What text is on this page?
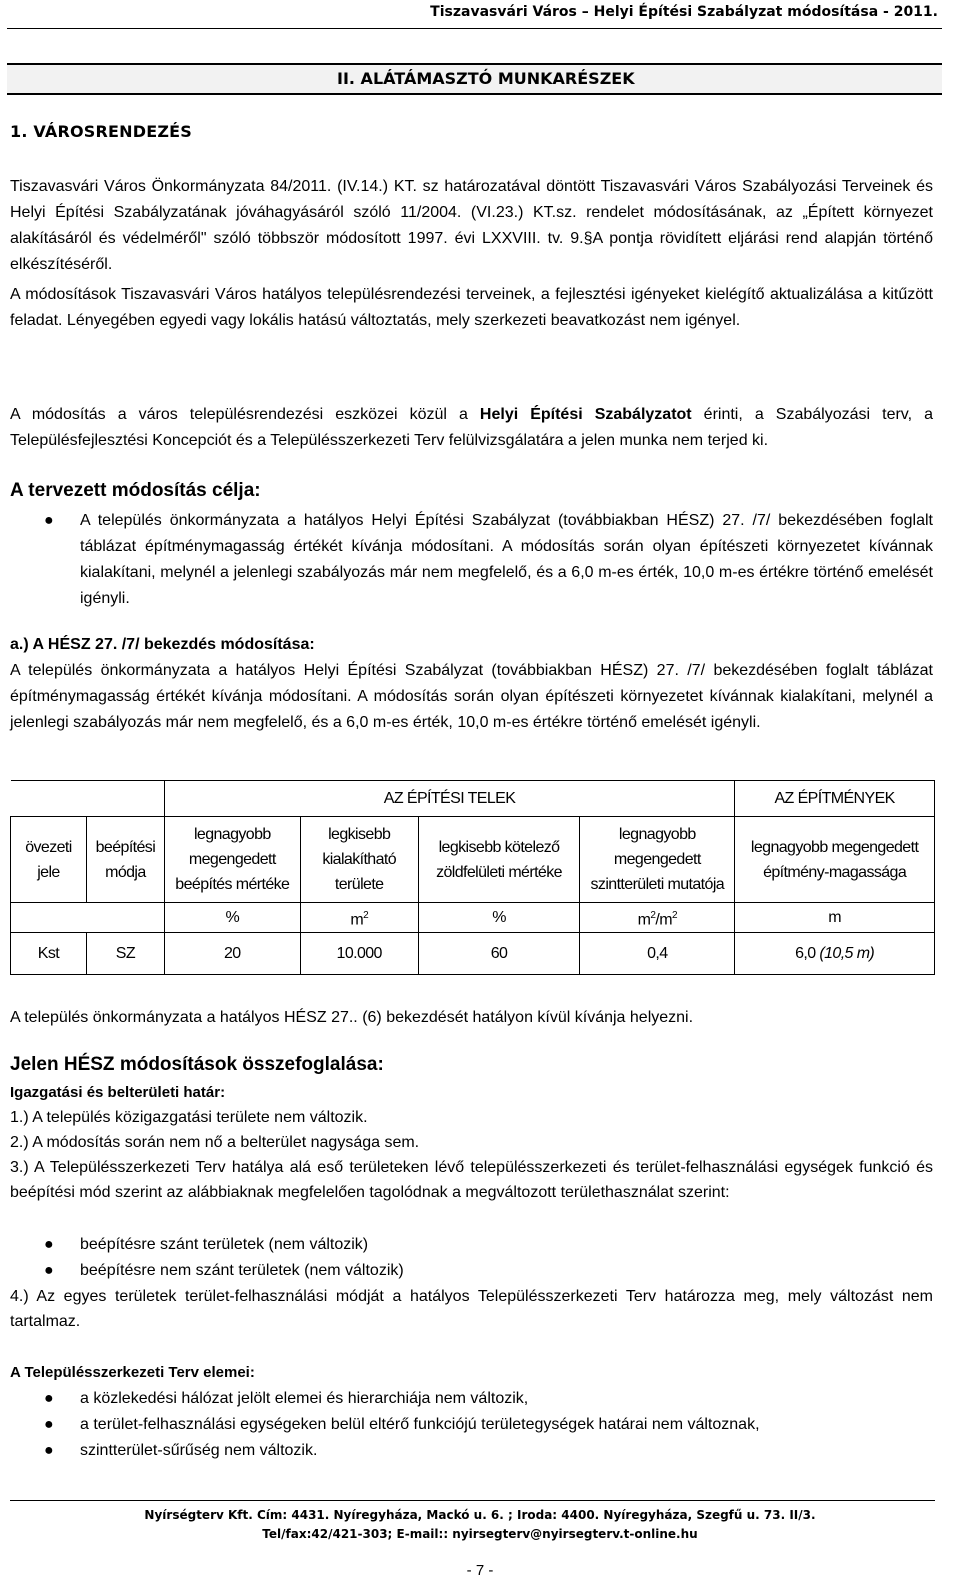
Tiszavasvári Város – Helyi Építési Szabályzat módosítása - 2011.
II. ALÁTÁMASZTÓ MUNKARÉSZEK
1. VÁROSRENDEZÉS
Tiszavasvári Város Önkormányzata 84/2011. (IV.14.) KT. sz határozatával döntött Tiszavasvári Város Szabályozási Terveinek és Helyi Építési Szabályzatának jóváhagyásáról szóló 11/2004. (VI.23.) KT.sz. rendelet módosításának, az „Épített környezet alakításáról és védelméről" szóló többször módosított 1997. évi LXXVIII. tv. 9.§A pontja rövidített eljárási rend alapján történő elkészítéséről.
A módosítások Tiszavasvári Város hatályos településrendezési terveinek, a fejlesztési igényeket kielégítő aktualizálása a kitűzött feladat. Lényegében egyedi vagy lokális hatású változtatás, mely szerkezeti beavatkozást nem igényel.
A módosítás a város településrendezési eszközei közül a Helyi Építési Szabályzatot érinti, a Szabályozási terv, a Településfejlesztési Koncepciót és a Településszerkezeti Terv felülvizsgálatára a jelen munka nem terjed ki.
A tervezett módosítás célja:
● A település önkormányzata a hatályos Helyi Építési Szabályzat (továbbiakban HÉSZ) 27. /7/ bekezdésében foglalt táblázat építménymagasság értékét kívánja módosítani. A módosítás során olyan építészeti környezetet kívánnak kialakítani, melynél a jelenlegi szabályozás már nem megfelelő, és a 6,0 m-es érték, 10,0 m-es értékre történő emelését igényli.
a.) A HÉSZ 27. /7/ bekezdés módosítása:
A település önkormányzata a hatályos Helyi Építési Szabályzat (továbbiakban HÉSZ) 27. /7/ bekezdésében foglalt táblázat építménymagasság értékét kívánja módosítani. A módosítás során olyan építészeti környezetet kívánnak kialakítani, melynél a jelenlegi szabályozás már nem megfelelő, és a 6,0 m-es érték, 10,0 m-es értékre történő emelését igényli.
		AZ ÉPÍTÉSI TELEK				AZ ÉPÍTMÉNYEK
övezeti jele	beépítési módja	legnagyobb megengedett beépítés mértéke	legkisebb kialakítható területe	legkisebb kötelező zöldfelületi mértéke	legnagyobb megengedett szintterületi mutatója	legnagyobb megengedett építmény-magassága
		%	$m^2$	%	$m^2/m^2$	m
Kst	SZ	20	10.000	60	0,4	6,0 (10,5 m)
A település önkormányzata a hatályos HÉSZ 27.. (6) bekezdését hatályon kívül kívánja helyezni.
Jelen HÉSZ módosítások összefoglalása:
Igazgatási és belterületi határ:
1.) A település közigazgatási területe nem változik.
2.) A módosítás során nem nő a belterület nagysága sem.
3.) A Településszerkezeti Terv hatálya alá eső területeken lévő településszerkezeti és terület-felhasználási egységek funkció és beépítési mód szerint az alábbiaknak megfelelően tagolódnak a megváltozott területhasználat szerint:
● beépítésre szánt területek (nem változik)
● beépítésre nem szánt területek (nem változik)
4.) Az egyes területek terület-felhasználási módját a hatályos Településszerkezeti Terv határozza meg, mely változást nem tartalmaz.
A Településszerkezeti Terv elemei:
● a közlekedési hálózat jelölt elemei és hierarchiája nem változik,
● a terület-felhasználási egységeken belül eltérő funkciójú területegységek határai nem változnak,
● szintterület-sűrűség nem változik.
Nyírségterv Kft. Cím: 4431. Nyíregyháza, Mackó u. 6. ; Iroda: 4400. Nyíregyháza, Szegfű u. 73. II/3.
Tel/fax:42/421-303; E-mail:: nyirsegterv@nyirsegterv.t-online.hu
- 7 -
